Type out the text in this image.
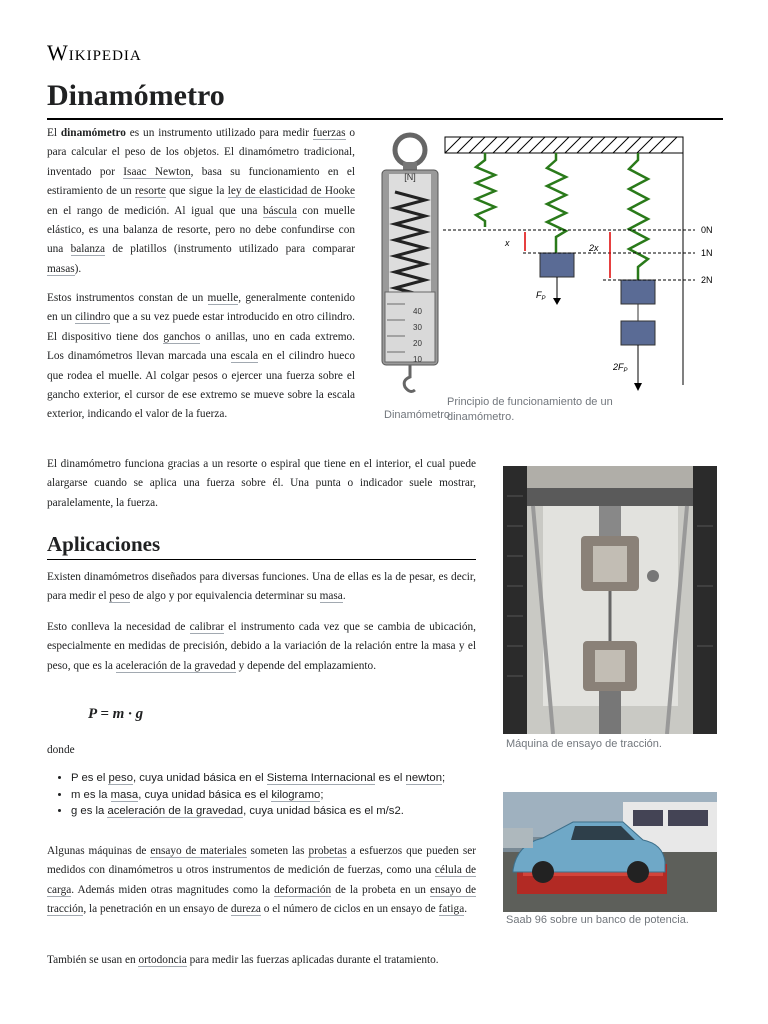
Wikipedia
Dinamómetro

El dinamómetro es un instrumento utilizado para medir fuerzas o para calcular el peso de los objetos. El dinamómetro tradicional, inventado por Isaac Newton, basa su funcionamiento en el estiramiento de un resorte que sigue la ley de elasticidad de Hooke en el rango de medición. Al igual que una báscula con muelle elástico, es una balanza de resorte, pero no debe confundirse con una balanza de platillos (instrumento utilizado para comparar masas).

Estos instrumentos constan de un muelle, generalmente contenido en un cilindro que a su vez puede estar introducido en otro cilindro. El dispositivo tiene dos ganchos o anillas, uno en cada extremo. Los dinamómetros llevan marcada una escala en el cilindro hueco que rodea el muelle. Al colgar pesos o ejercer una fuerza sobre el gancho exterior, el cursor de ese extremo se mueve sobre la escala exterior, indicando el valor de la fuerza.

El dinamómetro funciona gracias a un resorte o espiral que tiene en el interior, el cual puede alargarse cuando se aplica una fuerza sobre él. Una punta o indicador suele mostrar, paralelamente, la fuerza.

[N]
40
30
20
10
Dinamómetro
x	2x
0N
1N
2N
$F_P$
$2F_P$
Principio de funcionamiento de un dinamómetro.
Máquina de ensayo de tracción.
Saab 96 sobre un banco de potencia.
Aplicaciones

Existen dinamómetros diseñados para diversas funciones. Una de ellas es la de pesar, es decir, para medir el peso de algo y por equivalencia determinar su masa.

Esto conlleva la necesidad de calibrar el instrumento cada vez que se cambia de ubicación, especialmente en medidas de precisión, debido a la variación de la relación entre la masa y el peso, que es la aceleración de la gravedad y depende del emplazamiento.

P = m · g

donde

• P es el peso, cuya unidad básica en el Sistema Internacional es el newton;
• m es la masa, cuya unidad básica es el kilogramo;
• g es la aceleración de la gravedad, cuya unidad básica es el m/s2.

Algunas máquinas de ensayo de materiales someten las probetas a esfuerzos que pueden ser medidos con dinamómetros u otros instrumentos de medición de fuerzas, como una célula de carga. Además miden otras magnitudes como la deformación de la probeta en un ensayo de tracción, la penetración en un ensayo de dureza o el número de ciclos en un ensayo de fatiga.

También se usan en ortodoncia para medir las fuerzas aplicadas durante el tratamiento.
